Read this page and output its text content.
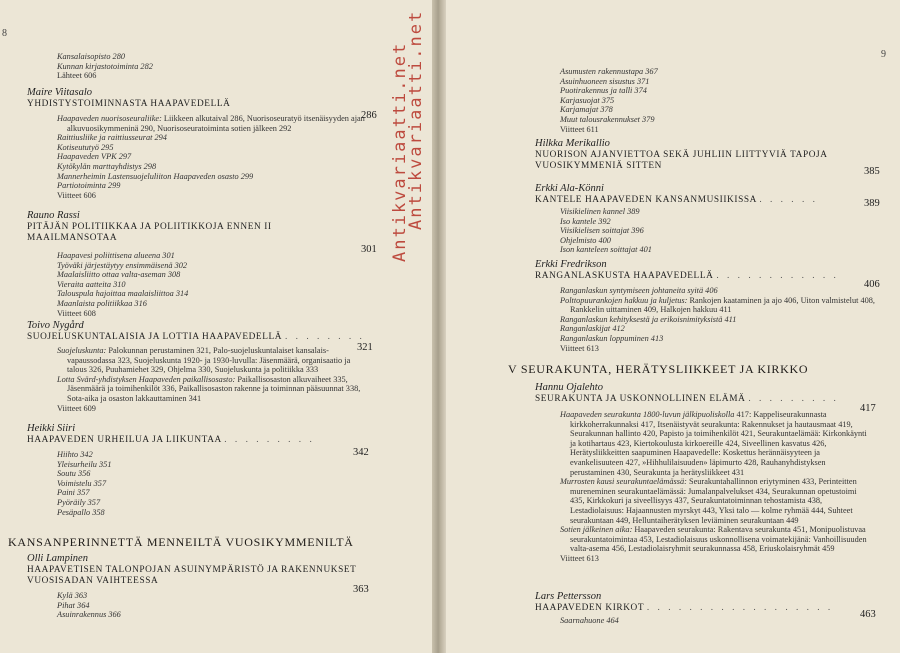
8
Kansalaisopisto 280
Kunnan kirjastotoiminta 282
Lähteet 606
Maire Viitasalo
YHDISTYSTOIMINNASTA HAAPAVEDELLÄ
286
Haapaveden nuorisoseuraliike: Liikkeen alkutaival 286, Nuorisoseuratyö itsenäisyyden ajan alkuvuosikymmeninä 290, Nuorisoseuratoiminta sotien jälkeen 292
Raittiusliike ja raittiusseurat 294
Kotiseututyö 295
Haapaveden VPK 297
Kytökylän marttayhdistys 298
Mannerheimin Lastensuojeluliiton Haapaveden osasto 299
Partiotoiminta 299
Viitteet 606
Rauno Rassi
PITÄJÄN POLITIIKKAA JA POLIITIKKOJA ENNEN II MAAILMANSOTAA
301
Haapavesi poliittisena alueena 301
Työväki järjestäytyy ensimmäisenä 302
Maalaisliitto ottaa valta-aseman 308
Vieraita aatteita 310
Talouspula hajoittaa maalaisliittoa 314
Maanlaista politiikkaa 316
Viitteet 608
Toivo Nygård
SUOJELUSKUNTALAISIA JA LOTTIA HAAPAVEDELLÄ . . . . . . . .
321
Suojeluskunta: Palokunnan perustaminen 321, Palo-suojeluskuntalaiset kansalais-vapaussodassa 323, Suojeluskunta 1920- ja 1930-luvulla: Jäsenmäärä, organisaatio ja talous 326, Puuhamiehet 329, Ohjelma 330, Suojeluskunta ja politiikka 333
Lotta Svärd-yhdistyksen Haapaveden paikallisosasto: Paikallisosaston alkuvaiheet 335, Jäsenmäärä ja toimihenkilöt 336, Paikallisosaston rakenne ja toiminnan pääsuunnat 338, Sota-aika ja osaston lakkauttaminen 341
Viitteet 609
Heikki Siiri
HAAPAVEDEN URHEILUA JA LIIKUNTAA . . . . . . . . .
342
Hiihto 342
Yleisurheilu 351
Soutu 356
Voimistelu 357
Paini 357
Pyöräily 357
Pesäpallo 358
KANSANPERINNETTÄ MENNEILTÄ VUOSIKYMMENILTÄ
Olli Lampinen
HAAPAVETISEN TALONPOJAN ASUINYMPÄRISTÖ JA RAKENNUKSET VUOSISADAN VAIHTEESSA
363
Kylä 363
Pihat 364
Asuinrakennus 366
Antikvariaatti.net
Antikvariaatti.net	9
Asumusten rakennustapa 367
Asuinhuoneen sisustus 371
Puotirakennus ja talli 374
Karjasuojat 375
Karjamajat 378
Muut talousrakennukset 379
Viitteet 611
Hilkka Merikallio
NUORISON AJANVIETTOA SEKÄ JUHLIIN LIITTYVIÄ TAPOJA VUOSIKYMMENIÄ SITTEN	385
Erkki Ala-Könni
KANTELE HAAPAVEDEN KANSANMUSIIKISSA . . . . . .	389
Viisikielinen kannel 389
Iso kantele 392
Viisikielisen soittajat 396
Ohjelmisto 400
Ison kanteleen soittajat 401
Erkki Fredrikson
RANGANLASKUSTA HAAPAVEDELLÄ . . . . . . . . . . . .
406
Ranganlaskun syntymiseen johtaneita syitä 406
Polttopuurankojen hakkuu ja kuljetus: Rankojen kaataminen ja ajo 406, Uiton valmistelut 408, Rankkelin uittaminen 409, Halkojen hakkuu 411
Ranganlaskun kehityksestä ja erikoisnimityksistä 411
Ranganlaskijat 412
Ranganlaskun loppuminen 413
Viitteet 613
V SEURAKUNTA, HERÄTYSLIIKKEET JA KIRKKO
Hannu Ojalehto
SEURAKUNTA JA USKONNOLLINEN ELÄMÄ . . . . . . . . .
417
Haapaveden seurakunta 1800-luvun jälkipuoliskolla 417: Kappeliseurakunnasta kirkkoherrakunnaksi 417, Itsenäistyvät seurakunta: Rakennukset ja hautausmaat 419, Seurakunnan hallinto 420, Papisto ja toimihenkilöt 421, Seurakuntaelämää: Kirkonkäynti ja kotihartaus 423, Kiertokoulusta kirkoereille 424, Siveellinen kasvatus 426, Herätysliikkeitten saapuminen Haapavedelle: Koskettus herännäisyyteen ja evankelisuuteen 427, »Hihhulilaisuuden» läpimurto 428, Rauhanyhdistyksen perustaminen 430, Seurakunta ja herätysliikkeet 431
Murrosten kausi seurakuntaelämässä: Seurakuntahallinnon eriytyminen 433, Perinteitten mureneminen seurakuntaelämässä: Jumalanpalvelukset 434, Seurakunnan opetustoimi 435, Kirkkokuri ja siveellisyys 437, Seurakuntatoiminnan tehostamista 438, Lestadiolaisuus: Hajaannusten myrskyt 443, Yksi talo — kolme ryhmää 444, Suhteet seurakuntaan 449, Helluntaiherätyksen leviäminen seurakuntaan 449
Sotien jälkeinen aika: Haapaveden seurakunta: Rakentava seurakunta 451, Monipuolistuvaa seurakuntatoimintaa 453, Lestadiolaisuus uskonnollisena voimatekijänä: Vanhoillisuuden valta-asema 456, Lestadiolaisryhmit seurakunnassa 458, Eriuskolaisryhmät 459
Viitteet 613
Lars Pettersson
HAAPAVEDEN KIRKOT . . . . . . . . . . . . . . . . . .
463
Saarnahuone 464
